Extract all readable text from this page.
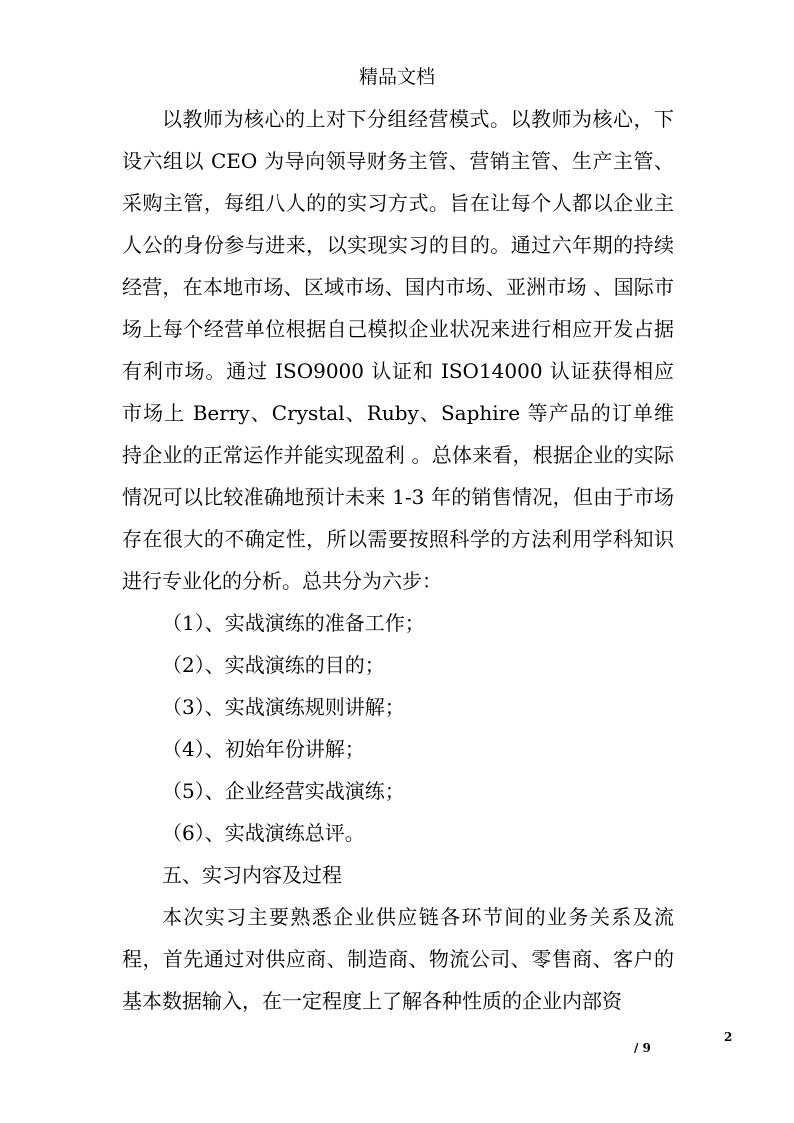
精品文档

以教师为核心的上对下分组经营模式。以教师为核心，下设六组以 CEO 为导向领导财务主管、营销主管、生产主管、采购主管，每组八人的的实习方式。旨在让每个人都以企业主人公的身份参与进来，以实现实习的目的。通过六年期的持续经营，在本地市场、区域市场、国内市场、亚洲市场 、国际市场上每个经营单位根据自己模拟企业状况来进行相应开发占据有利市场。通过 ISO9000 认证和 ISO14000 认证获得相应市场上 Berry、Crystal、Ruby、Saphire 等产品的订单维持企业的正常运作并能实现盈利 。总体来看，根据企业的实际情况可以比较准确地预计未来 1-3 年的销售情况，但由于市场存在很大的不确定性，所以需要按照科学的方法利用学科知识进行专业化的分析。总共分为六步：

（1）、实战演练的准备工作；

（2）、实战演练的目的；

（3）、实战演练规则讲解；

（4）、初始年份讲解；

（5）、企业经营实战演练；

（6）、实战演练总评。

五、实习内容及过程

本次实习主要熟悉企业供应链各环节间的业务关系及流程，首先通过对供应商、制造商、物流公司、零售商、客户的基本数据输入，在一定程度上了解各种性质的企业内部资

2
/ 9
